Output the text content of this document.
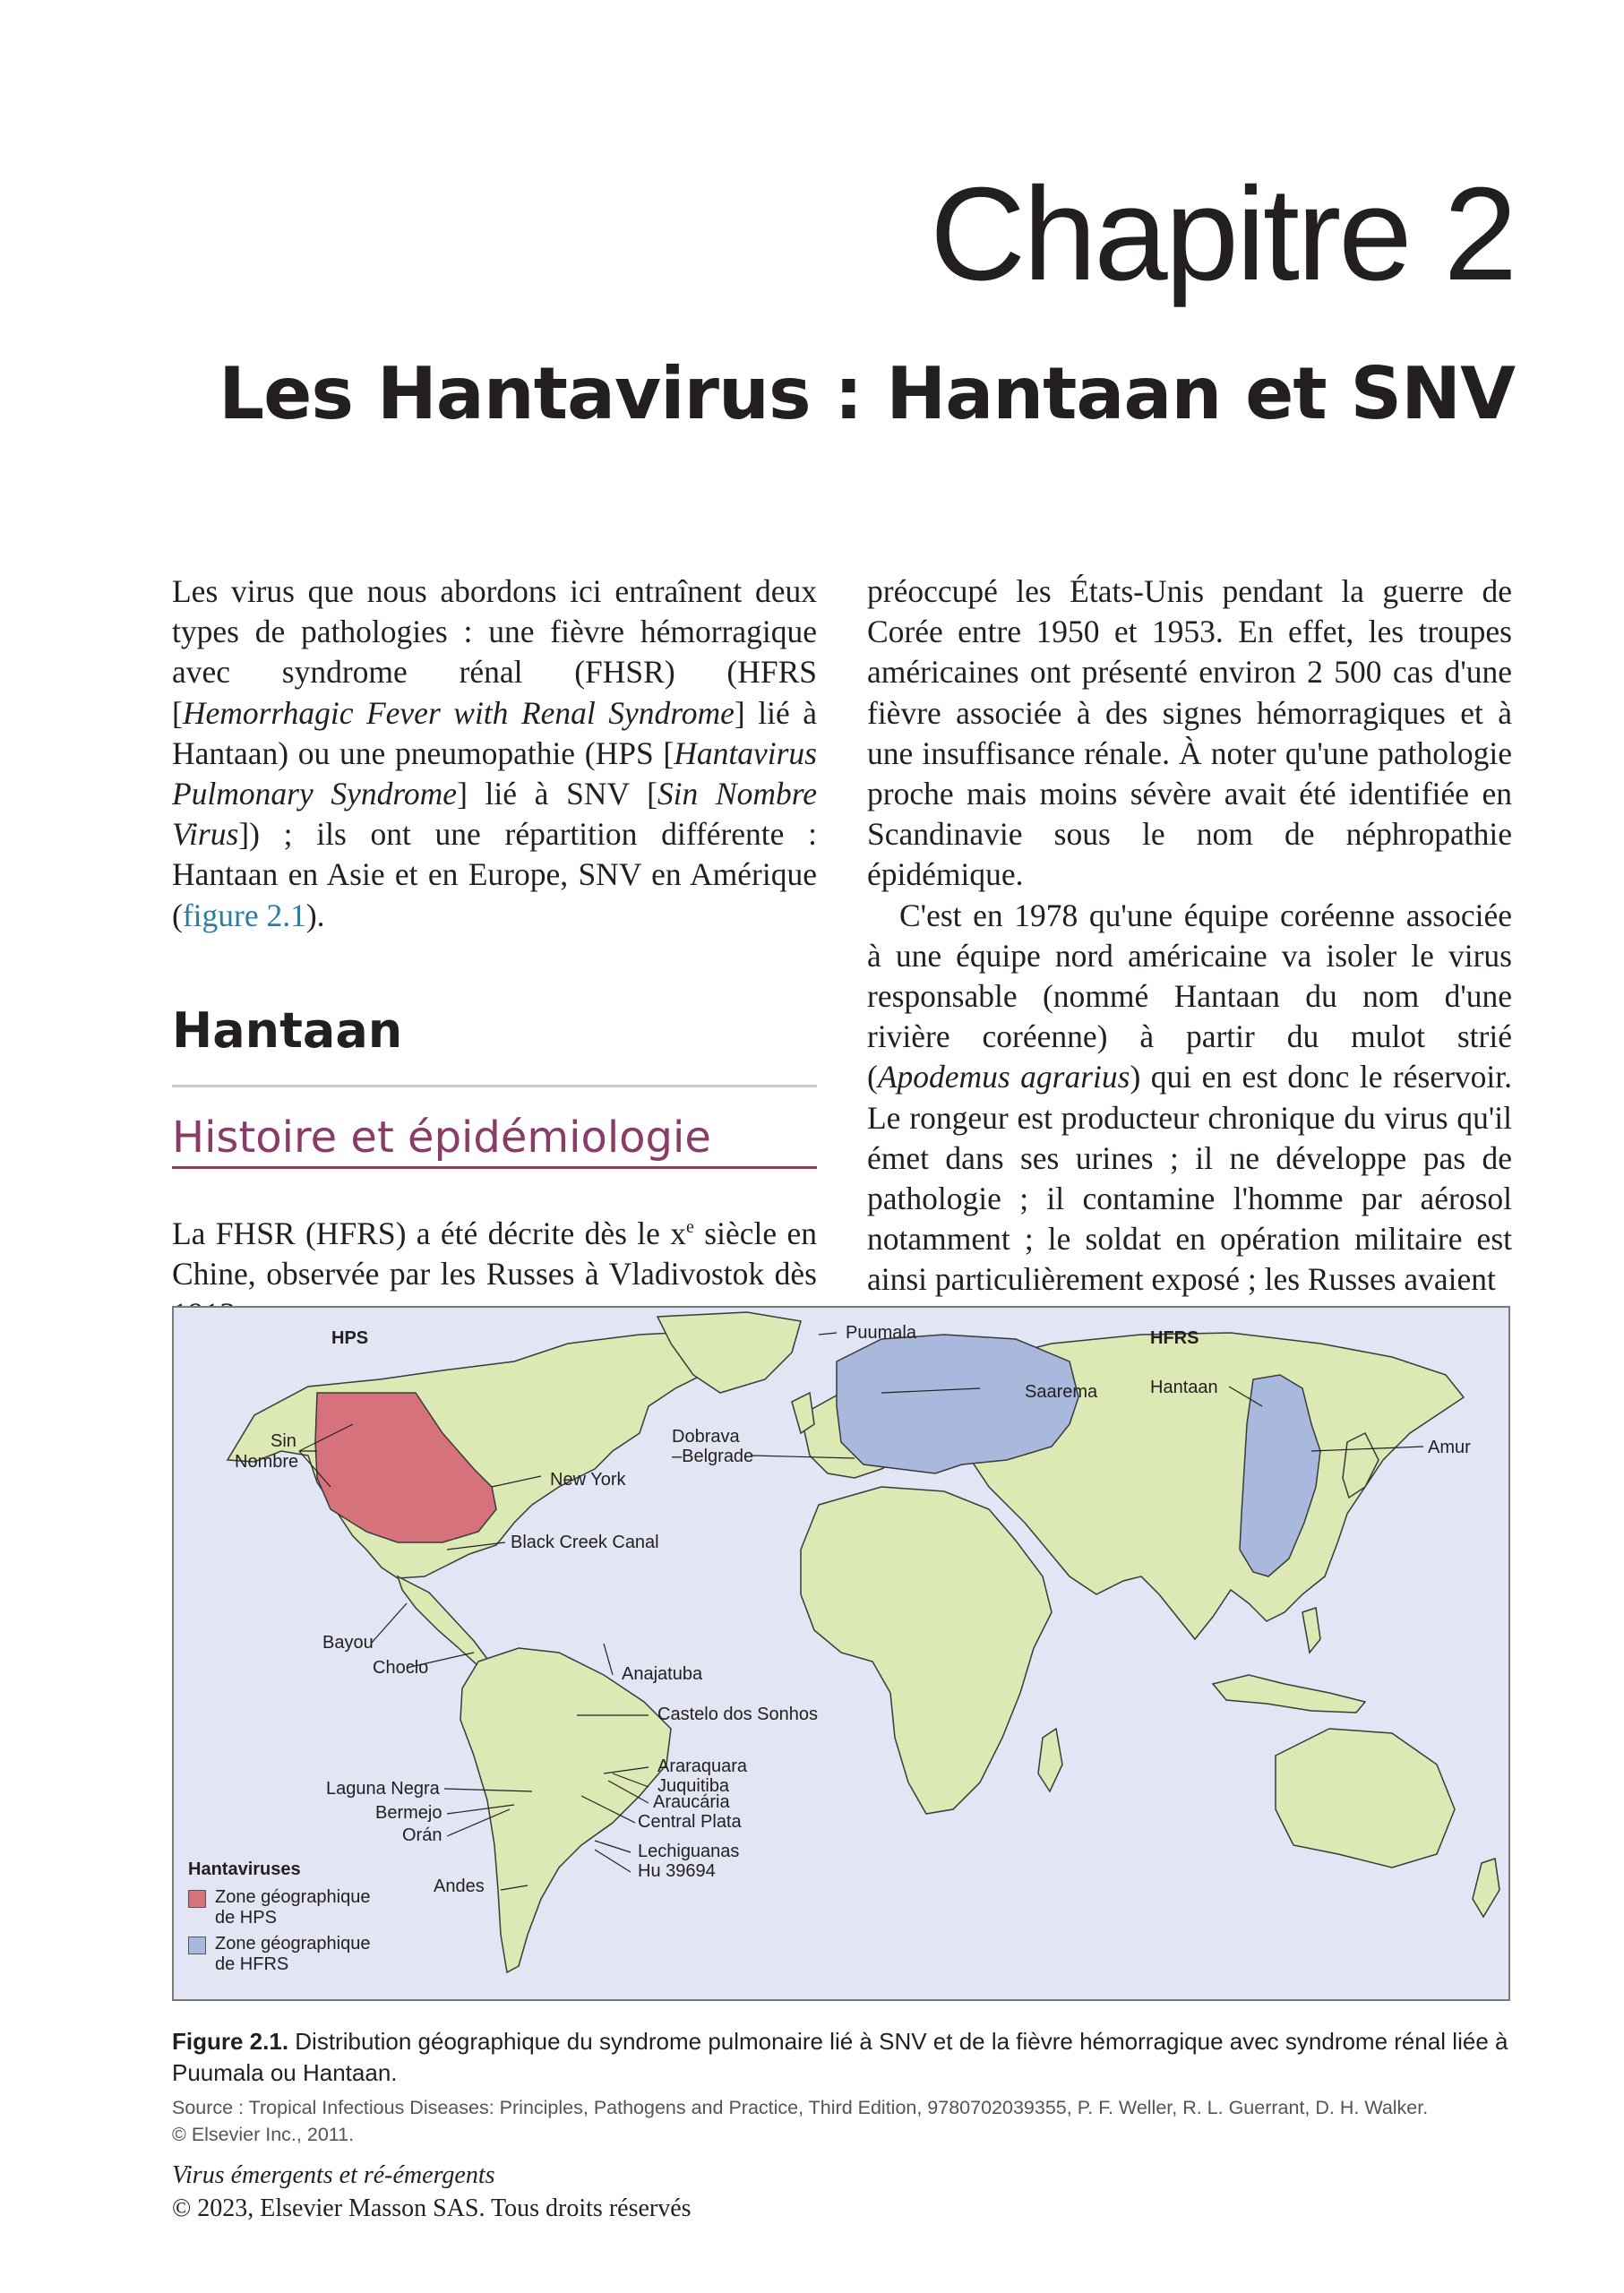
Chapitre 2
Les Hantavirus : Hantaan et SNV

Les virus que nous abordons ici entraînent deux types de pathologies : une fièvre hémorragique avec syndrome rénal (FHSR) (HFRS [Hemorrhagic Fever with Renal Syndrome] lié à Hantaan) ou une pneumopathie (HPS [Hantavirus Pulmonary Syndrome] lié à SNV [Sin Nombre Virus]) ; ils ont une répartition différente : Hantaan en Asie et en Europe, SNV en Amérique (figure 2.1).

Hantaan
Histoire et épidémiologie

La FHSR (HFRS) a été décrite dès le $x^e$ siècle en Chine, observée par les Russes à Vladivostok dès

préoccupé les États-Unis pendant la guerre de Corée entre 1950 et 1953. En effet, les troupes américaines ont présenté environ 2 500 cas d'une fièvre associée à des signes hémorragiques et à une insuffisance rénale. À noter qu'une pathologie proche mais moins sévère avait été identifiée en Scandinavie sous le nom de néphropathie épidémique.

C'est en 1978 qu'une équipe coréenne associée à une équipe nord américaine va isoler le virus responsable (nommé Hantaan du nom d'une rivière coréenne) à partir du mulot strié (Apodemus agrarius) qui en est donc le réservoir. Le rongeur est producteur chronique du virus qu'il émet dans ses urines ; il ne développe pas de pathologie ; il contamine l'homme par aérosol notamment ; le soldat en opération militaire est ainsi particulièrement exposé ; les Russes avaient

HPS	HFRS
Sin
Nombre
New York
Black Creek Canal
Bayou
Choclo	Anajatuba
Castelo dos Sonhos
Laguna Negra
Bermejo
Orán
Andes
Araraquara
Juquitiba
Araucária
Central Plata
Lechiguanas
Hu 39694
Dobrava
–Belgrade
Puumala
Saarema	Hantaan
Amur
Hantaviruses
Zone géographique
de HPS
Zone géographique
de HFRS
Figure 2.1. Distribution géographique du syndrome pulmonaire lié à SNV et de la fièvre hémorragique avec syndrome rénal liée à Puumala ou Hantaan.
Source : Tropical Infectious Diseases: Principles, Pathogens and Practice, Third Edition, 9780702039355, P. F. Weller, R. L. Guerrant, D. H. Walker.
© Elsevier Inc., 2011.
Virus émergents et ré-émergents
© 2023, Elsevier Masson SAS. Tous droits réservés
